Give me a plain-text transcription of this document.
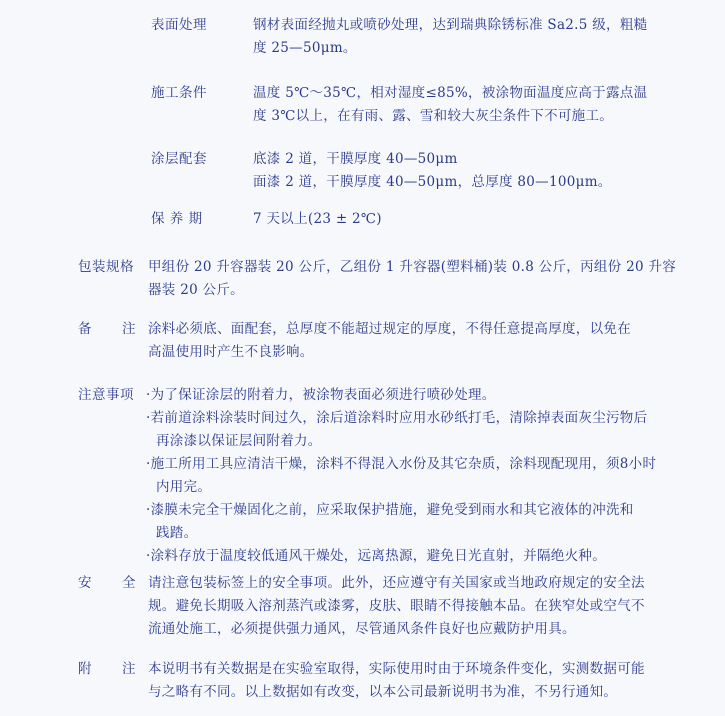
表面处理	钢材表面经抛丸或喷砂处理，达到瑞典除锈标准 Sa2.5 级，粗糙

度 25—50μm。

施工条件	温度 5℃～35℃，相对湿度≤85%，被涂物面温度应高于露点温

度 3℃以上，在有雨、露、雪和较大灰尘条件下不可施工。

涂层配套	底漆 2 道，干膜厚度 40—50μm

面漆 2 道，干膜厚度 40—50μm，总厚度 80—100μm。

保 养 期	7 天以上(23 ± 2℃)

包装规格 甲组份 20 升容器装 20 公斤，乙组份 1 升容器(塑料桶)装 0.8 公斤，丙组份 20 升容

器装 20 公斤。

备 注 涂料必须底、面配套，总厚度不能超过规定的厚度，不得任意提高厚度，以免在

高温使用时产生不良影响。

注意事项 ·为了保证涂层的附着力，被涂物表面必须进行喷砂处理。

·若前道涂料涂装时间过久，涂后道涂料时应用水砂纸打毛，清除掉表面灰尘污物后

再涂漆以保证层间附着力。

·施工所用工具应清洁干燥，涂料不得混入水份及其它杂质，涂料现配现用，须8小时

内用完。

·漆膜未完全干燥固化之前，应采取保护措施，避免受到雨水和其它液体的冲洗和

践踏。

·涂料存放于温度较低通风干燥处，远离热源，避免日光直射，并隔绝火种。

安 全 请注意包装标签上的安全事项。此外，还应遵守有关国家或当地政府规定的安全法

规。避免长期吸入溶剂蒸汽或漆雾，皮肤、眼睛不得接触本品。在狭窄处或空气不

流通处施工，必须提供强力通风，尽管通风条件良好也应戴防护用具。

附 注 本说明书有关数据是在实验室取得，实际使用时由于环境条件变化，实测数据可能

与之略有不同。以上数据如有改变，以本公司最新说明书为准，不另行通知。
